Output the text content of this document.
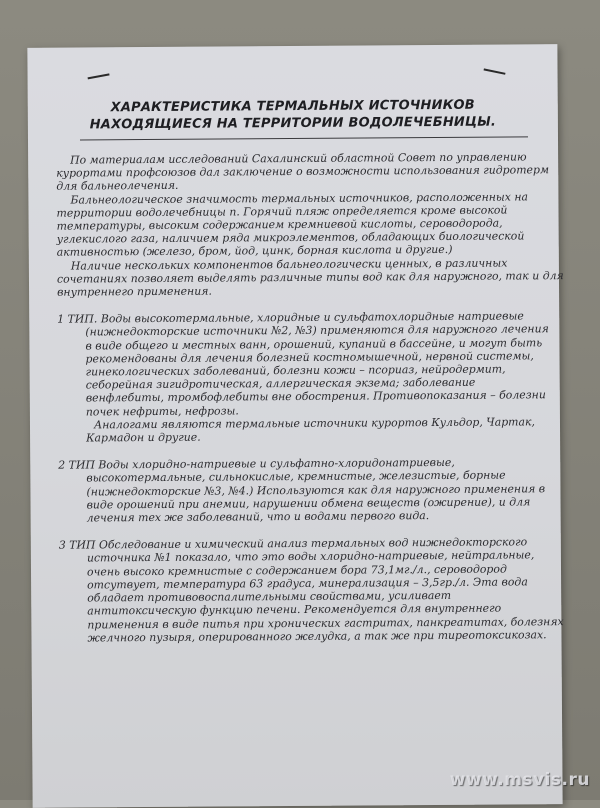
ХАРАКТЕРИСТИКА ТЕРМАЛЬНЫХ ИСТОЧНИКОВ
НАХОДЯЩИЕСЯ НА ТЕРРИТОРИИ ВОДОЛЕЧЕБНИЦЫ.
По материалам исследований Сахалинский областной Совет по управлению
курортами профсоюзов дал заключение о возможности использования гидротерм
для бальнеолечения.
Бальнеологическое значимость термальных источников, расположенных на
территории водолечебницы п. Горячий пляж определяется кроме высокой
температуры, высоким содержанием кремниевой кислоты, сероводорода,
углекислого газа, наличием ряда микроэлементов, обладающих биологической
активностью (железо, бром, йод, цинк, борная кислота и другие.)
Наличие нескольких компонентов бальнеологически ценных, в различных
сочетаниях позволяет выделять различные типы вод как для наружного, так и для
внутреннего применения.
1 ТИП. Воды высокотермальные, хлоридные и сульфатохлоридные натриевые
(нижнедокторские источники №2, №3) применяются для наружного лечения
в виде общего и местных ванн, орошений, купаний в бассейне, и могут быть
рекомендованы для лечения болезней костномышечной, нервной системы,
гинекологических заболеваний, болезни кожи – псориаз, нейродермит,
себорейная зигидротическая, аллергическая экзема; заболевание
венфлебиты, тромбофлебиты вне обострения. Противопоказания – болезни
почек нефриты, нефрозы.
Аналогами являются термальные источники курортов Кульдор, Чартак,
Кармадон и другие.
2 ТИП Воды хлоридно-натриевые и сульфатно-хлоридонатриевые,
высокотермальные, сильнокислые, кремнистые, железистые, борные
(нижнедокторские №3, №4.) Используются как для наружного применения в
виде орошений при анемии, нарушении обмена веществ (ожирение), и для
лечения тех же заболеваний, что и водами первого вида.
3 ТИП Обследование и химический анализ термальных вод нижнедокторского
источника №1 показало, что это воды хлоридно-натриевые, нейтральные,
очень высоко кремнистые с содержанием бора 73,1мг./л., сероводород
отсутвует, температура 63 градуса, минерализация – 3,5гр./л. Эта вода
обладает противовоспалительными свойствами, усиливает
антитоксическую функцию печени. Рекомендуется для внутреннего
применения в виде питья при хронических гастритах, панкреатитах, болезнях
желчного пузыря, оперированного желудка, а так же при тиреотоксикозах.
www.msvis.ru
